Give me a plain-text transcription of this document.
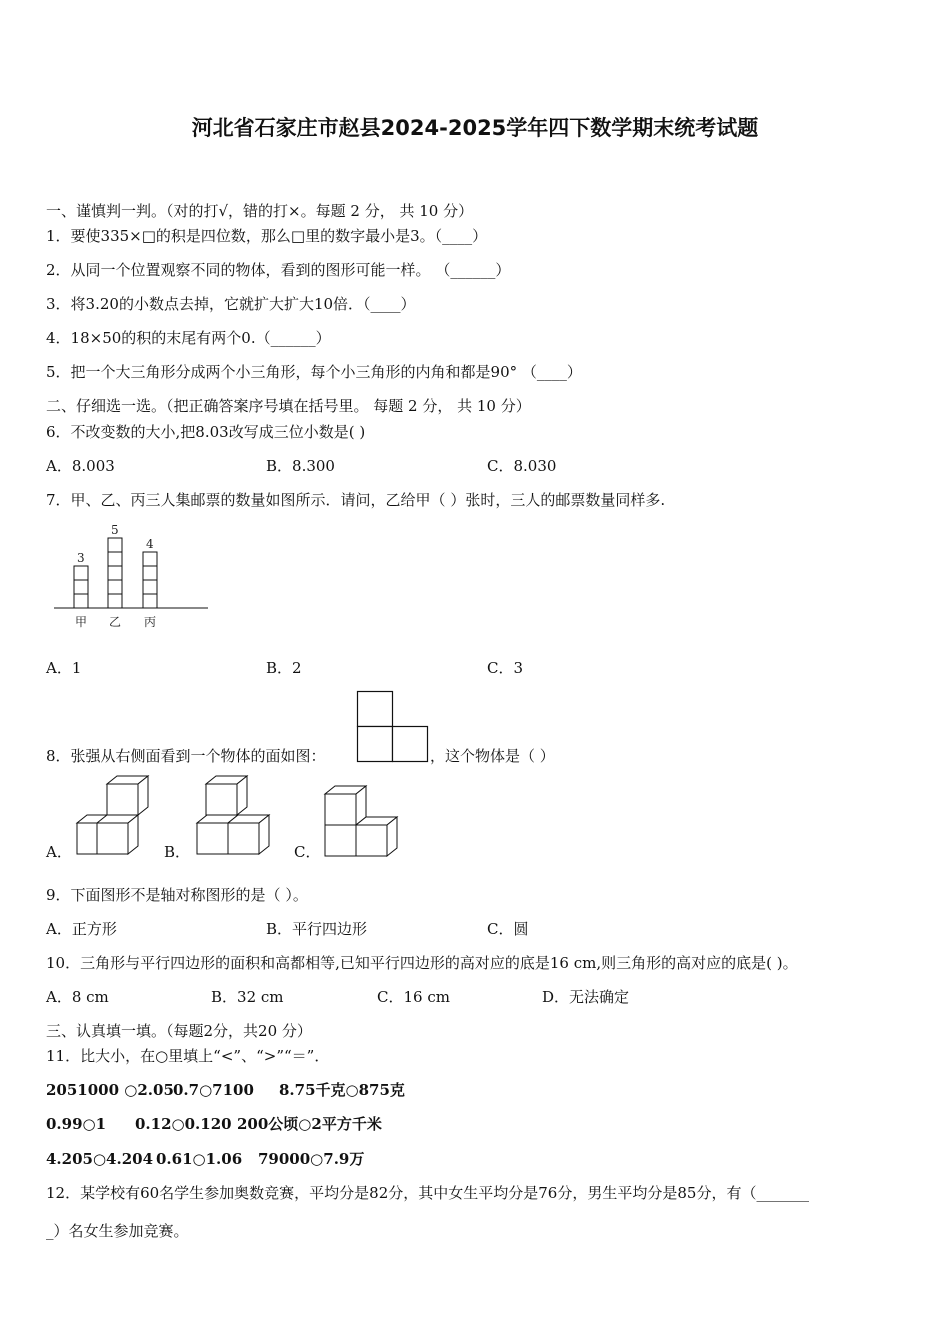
河北省石家庄市赵县2024-2025学年四下数学期末统考试题
一、谨慎判一判。（对的打√，错的打×。每题 2 分， 共 10 分）
1．要使335×□的积是四位数，那么□里的数字最小是3。（____）
2．从同一个位置观察不同的物体，看到的图形可能一样。 （______）
3．将3.20的小数点去掉，它就扩大扩大10倍．（____）
4．18×50的积的末尾有两个0.（______）
5．把一个大三角形分成两个小三角形，每个小三角形的内角和都是90° （____）
二、仔细选一选。（把正确答案序号填在括号里。 每题 2 分， 共 10 分）
6．不改变数的大小,把8.03改写成三位小数是( )
A．8.003	B．8.300	C．8.030
7．甲、乙、丙三人集邮票的数量如图所示．请问，乙给甲（ ）张时，三人的邮票数量同样多.
3
甲
5
乙
4
丙
A．1	B．2	C．3
8．张强从右侧面看到一个物体的面如图：	，这个物体是（ ）
A．	B．	C．
9．下面图形不是轴对称图形的是（ ）。
A．正方形	B．平行四边形	C．圆
10．三角形与平行四边形的面积和高都相等,已知平行四边形的高对应的底是16 cm,则三角形的高对应的底是( )。
A．8 cm	B．32 cm	C．16 cm	D．无法确定
三、认真填一填。（每题2分，共20 分）
11．比大小，在○里填上“<”、“>”“＝”．
2051000 ○2.05 0.7○7100 8.75千克○875克
0.99○1 0.12○0.120 200公顷○2平方千米
4.205○4.204 0.61○1.06 79000○7.9万
12．某学校有60名学生参加奥数竞赛，平均分是82分，其中女生平均分是76分，男生平均分是85分，有（_______
_）名女生参加竞赛。
